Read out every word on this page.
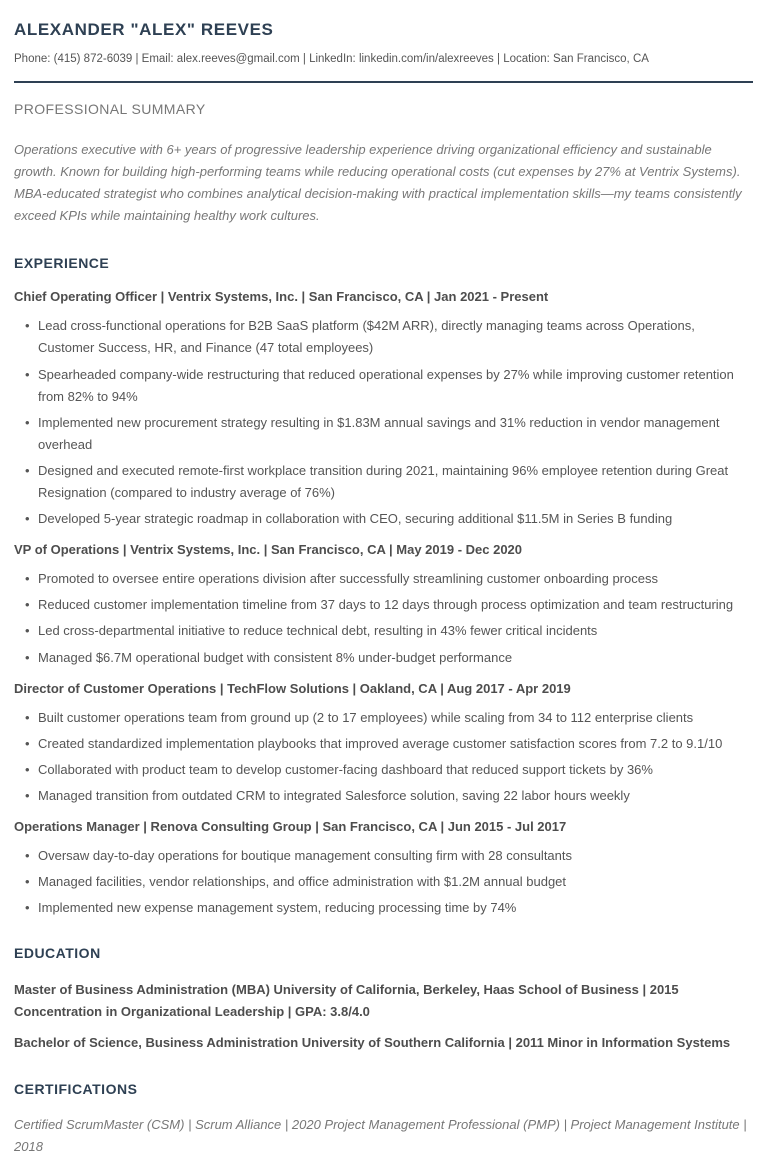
ALEXANDER "ALEX" REEVES
Phone: (415) 872-6039 | Email: alex.reeves@gmail.com | LinkedIn: linkedin.com/in/alexreeves | Location: San Francisco, CA
PROFESSIONAL SUMMARY

Operations executive with 6+ years of progressive leadership experience driving organizational efficiency and sustainable growth. Known for building high-performing teams while reducing operational costs (cut expenses by 27% at Ventrix Systems). MBA-educated strategist who combines analytical decision-making with practical implementation skills—my teams consistently exceed KPIs while maintaining healthy work cultures.

EXPERIENCE
Chief Operating Officer | Ventrix Systems, Inc. | San Francisco, CA | Jan 2021 - Present
• Lead cross-functional operations for B2B SaaS platform ($42M ARR), directly managing teams across Operations, Customer Success, HR, and Finance (47 total employees)
• Spearheaded company-wide restructuring that reduced operational expenses by 27% while improving customer retention from 82% to 94%
• Implemented new procurement strategy resulting in $1.83M annual savings and 31% reduction in vendor management overhead
• Designed and executed remote-first workplace transition during 2021, maintaining 96% employee retention during Great Resignation (compared to industry average of 76%)
• Developed 5-year strategic roadmap in collaboration with CEO, securing additional $11.5M in Series B funding
VP of Operations | Ventrix Systems, Inc. | San Francisco, CA | May 2019 - Dec 2020
• Promoted to oversee entire operations division after successfully streamlining customer onboarding process
• Reduced customer implementation timeline from 37 days to 12 days through process optimization and team restructuring
• Led cross-departmental initiative to reduce technical debt, resulting in 43% fewer critical incidents
• Managed $6.7M operational budget with consistent 8% under-budget performance
Director of Customer Operations | TechFlow Solutions | Oakland, CA | Aug 2017 - Apr 2019
• Built customer operations team from ground up (2 to 17 employees) while scaling from 34 to 112 enterprise clients
• Created standardized implementation playbooks that improved average customer satisfaction scores from 7.2 to 9.1/10
• Collaborated with product team to develop customer-facing dashboard that reduced support tickets by 36%
• Managed transition from outdated CRM to integrated Salesforce solution, saving 22 labor hours weekly
Operations Manager | Renova Consulting Group | San Francisco, CA | Jun 2015 - Jul 2017
• Oversaw day-to-day operations for boutique management consulting firm with 28 consultants
• Managed facilities, vendor relationships, and office administration with $1.2M annual budget
• Implemented new expense management system, reducing processing time by 74%
EDUCATION

Master of Business Administration (MBA) University of California, Berkeley, Haas School of Business | 2015 Concentration in Organizational Leadership | GPA: 3.8/4.0

Bachelor of Science, Business Administration University of Southern California | 2011 Minor in Information Systems

CERTIFICATIONS

Certified ScrumMaster (CSM) | Scrum Alliance | 2020 Project Management Professional (PMP) | Project Management Institute | 2018
